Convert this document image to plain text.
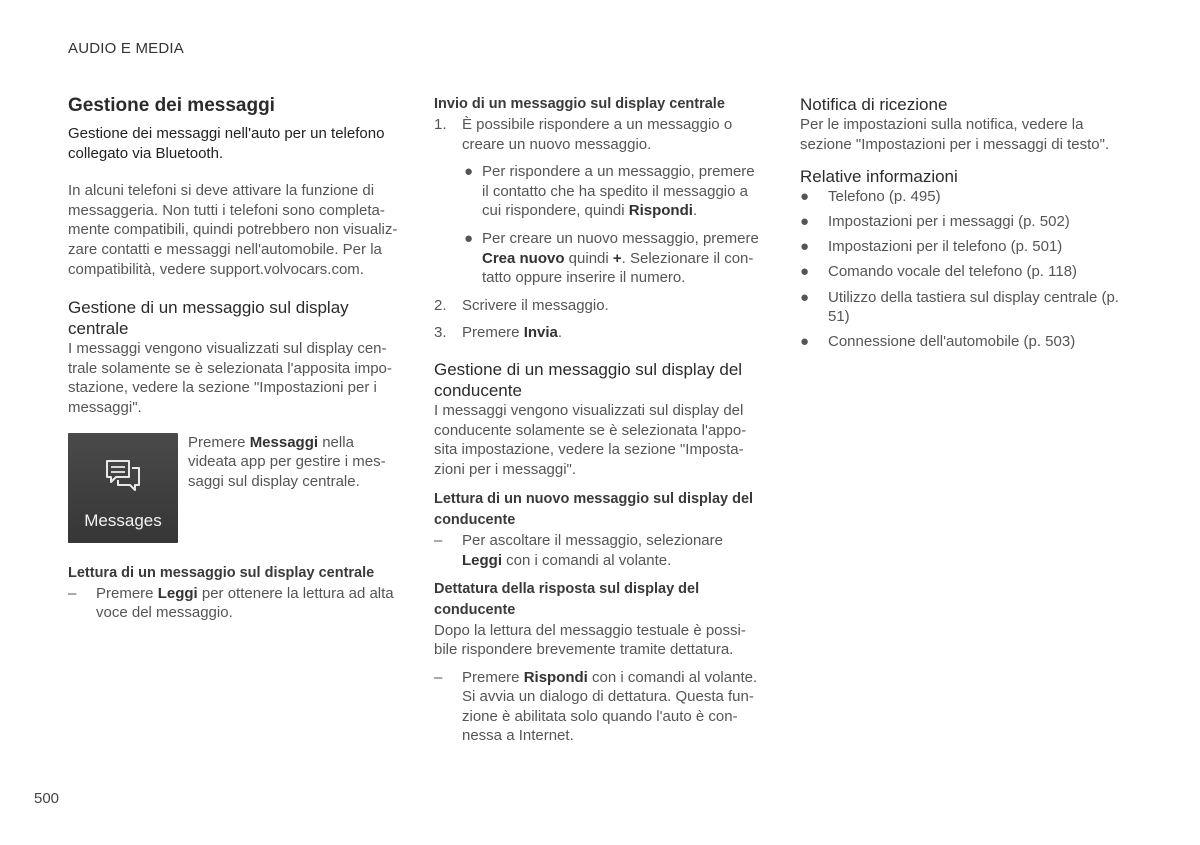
AUDIO E MEDIA
Gestione dei messaggi

Gestione dei messaggi nell'auto per un telefono collegato via Bluetooth.

In alcuni telefoni si deve attivare la funzione di messaggeria. Non tutti i telefoni sono completa-mente compatibili, quindi potrebbero non visualiz-zare contatti e messaggi nell'automobile. Per la compatibilità, vedere support.volvocars.com.

Gestione di un messaggio sul display centrale

I messaggi vengono visualizzati sul display cen-trale solamente se è selezionata l'apposita impo-stazione, vedere la sezione "Impostazioni per i messaggi".

Messages
Premere Messaggi nella videata app per gestire i mes-saggi sul display centrale.
Lettura di un messaggio sul display centrale
– Premere Leggi per ottenere la lettura ad alta voce del messaggio.
Invio di un messaggio sul display centrale
1. È possibile rispondere a un messaggio o creare un nuovo messaggio.
● Per rispondere a un messaggio, premere il contatto che ha spedito il messaggio a cui rispondere, quindi Rispondi.
● Per creare un nuovo messaggio, premere Crea nuovo quindi +. Selezionare il con-tatto oppure inserire il numero.
2. Scrivere il messaggio.
3. Premere Invia.
Gestione di un messaggio sul display del conducente

I messaggi vengono visualizzati sul display del conducente solamente se è selezionata l'appo-sita impostazione, vedere la sezione "Imposta-zioni per i messaggi".

Lettura di un nuovo messaggio sul display del conducente
– Per ascoltare il messaggio, selezionare Leggi con i comandi al volante.
Dettatura della risposta sul display del conducente

Dopo la lettura del messaggio testuale è possi-bile rispondere brevemente tramite dettatura.

– Premere Rispondi con i comandi al volante. Si avvia un dialogo di dettatura. Questa fun-zione è abilitata solo quando l'auto è con-nessa a Internet.
Notifica di ricezione

Per le impostazioni sulla notifica, vedere la sezione "Impostazioni per i messaggi di testo".

Relative informazioni
● Telefono (p. 495)
● Impostazioni per i messaggi (p. 502)
● Impostazioni per il telefono (p. 501)
● Comando vocale del telefono (p. 118)
● Utilizzo della tastiera sul display centrale (p. 51)
● Connessione dell'automobile (p. 503)
500
